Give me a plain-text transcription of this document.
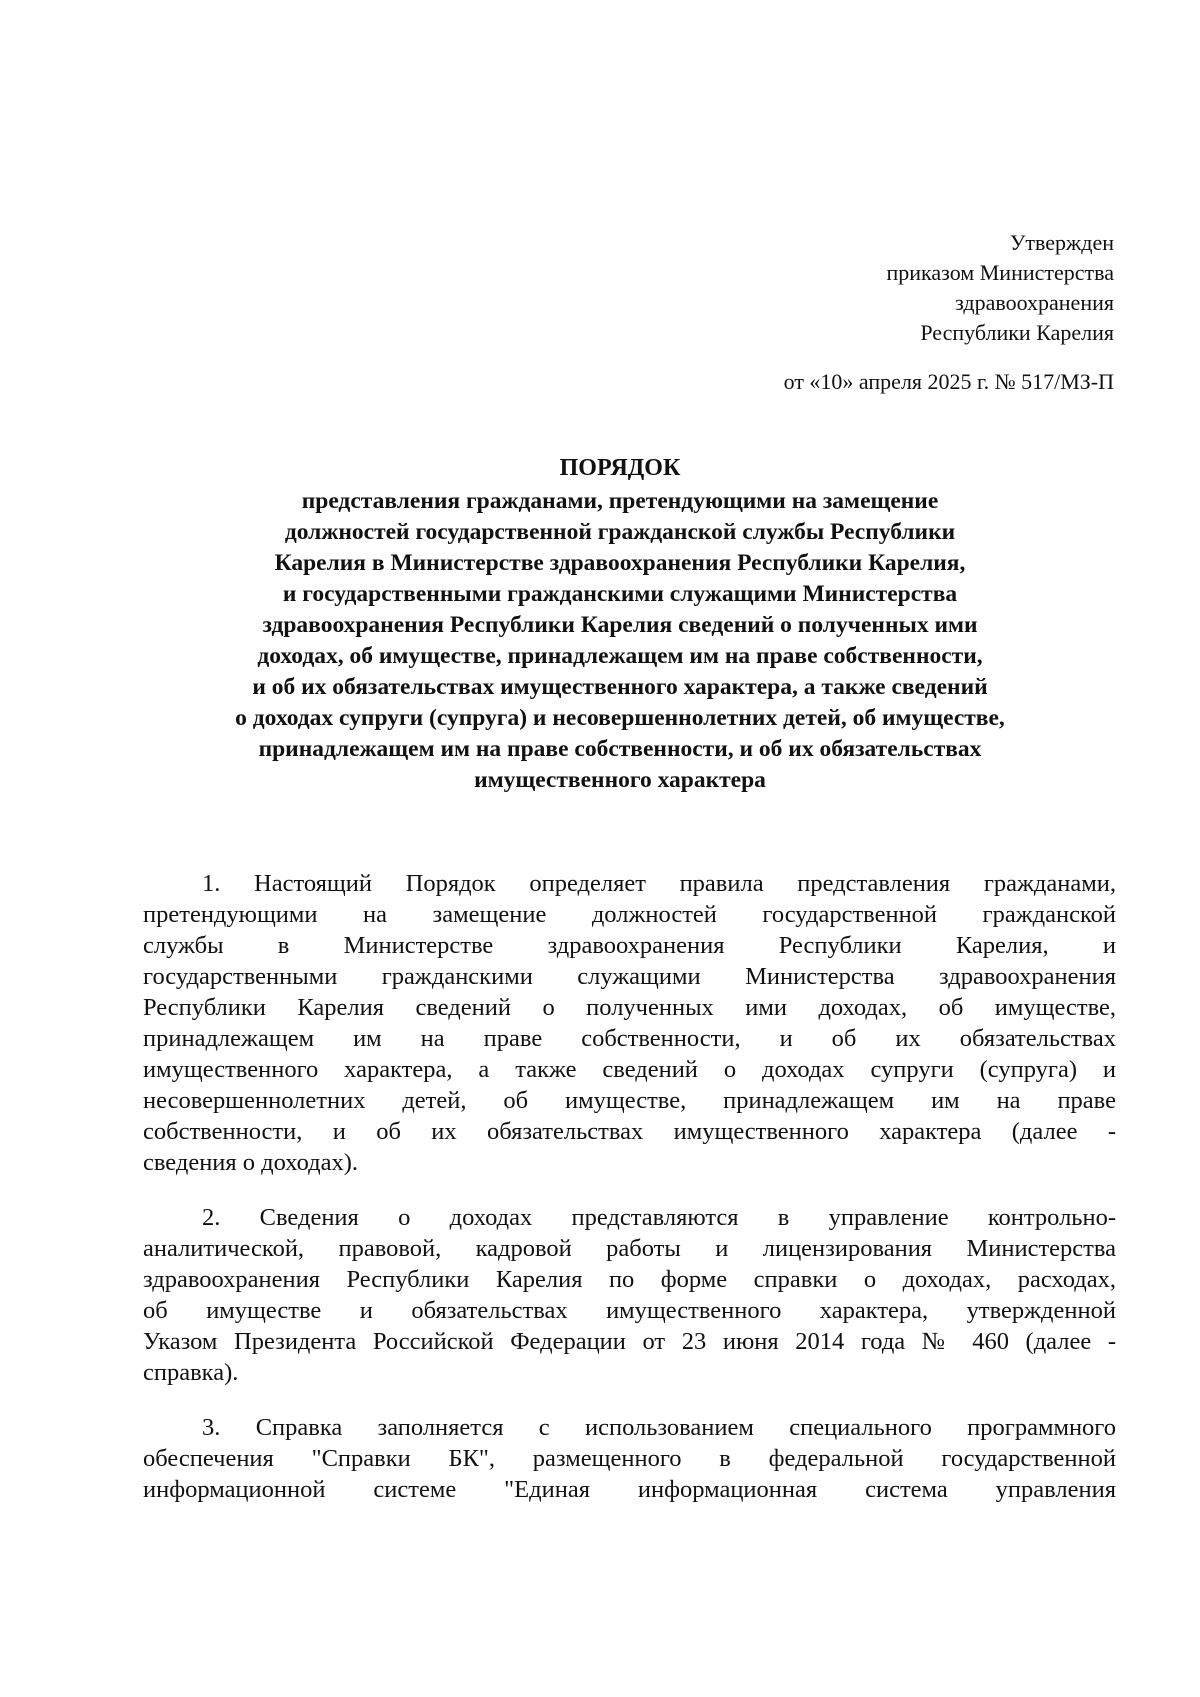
Утвержден
приказом Министерства
здравоохранения
Республики Карелия
от «10» апреля 2025 г. № 517/МЗ-П
ПОРЯДОК
представления гражданами, претендующими на замещение
должностей государственной гражданской службы Республики
Карелия в Министерстве здравоохранения Республики Карелия,
и государственными гражданскими служащими Министерства
здравоохранения Республики Карелия сведений о полученных ими
доходах, об имуществе, принадлежащем им на праве собственности,
и об их обязательствах имущественного характера, а также сведений
о доходах супруги (супруга) и несовершеннолетних детей, об имуществе,
принадлежащем им на праве собственности, и об их обязательствах
имущественного характера
1. Настоящий Порядок определяет правила представления гражданами,
претендующими на замещение должностей государственной гражданской
службы в Министерстве здравоохранения Республики Карелия, и
государственными гражданскими служащими Министерства здравоохранения
Республики Карелия сведений о полученных ими доходах, об имуществе,
принадлежащем им на праве собственности, и об их обязательствах
имущественного характера, а также сведений о доходах супруги (супруга) и
несовершеннолетних детей, об имуществе, принадлежащем им на праве
собственности, и об их обязательствах имущественного характера (далее -
сведения о доходах).
2. Сведения о доходах представляются в управление контрольно-
аналитической, правовой, кадровой работы и лицензирования Министерства
здравоохранения Республики Карелия по форме справки о доходах, расходах,
об имуществе и обязательствах имущественного характера, утвержденной
Указом Президента Российской Федерации от 23 июня 2014 года № 460 (далее -
справка).
3. Справка заполняется с использованием специального программного
обеспечения "Справки БК", размещенного в федеральной государственной
информационной системе "Единая информационная система управления
